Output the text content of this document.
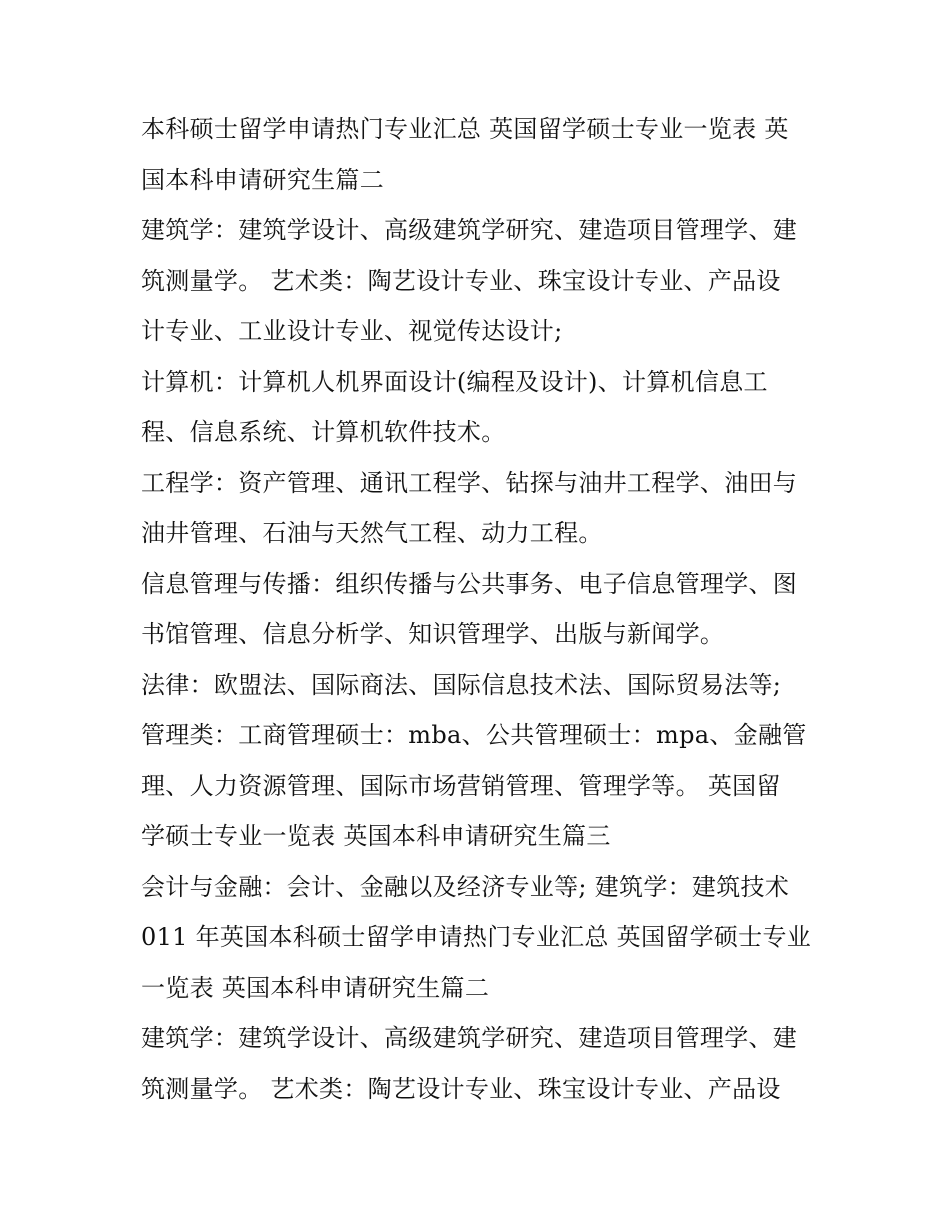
本科硕士留学申请热门专业汇总 英国留学硕士专业一览表 英
国本科申请研究生篇二
建筑学：建筑学设计、高级建筑学研究、建造项目管理学、建
筑测量学。 艺术类：陶艺设计专业、珠宝设计专业、产品设
计专业、工业设计专业、视觉传达设计;
计算机：计算机人机界面设计(编程及设计)、计算机信息工
程、信息系统、计算机软件技术。
工程学：资产管理、通讯工程学、钻探与油井工程学、油田与
油井管理、石油与天然气工程、动力工程。
信息管理与传播：组织传播与公共事务、电子信息管理学、图
书馆管理、信息分析学、知识管理学、出版与新闻学。
法律：欧盟法、国际商法、国际信息技术法、国际贸易法等;
管理类：工商管理硕士：mba、公共管理硕士：mpa、金融管
理、人力资源管理、国际市场营销管理、管理学等。 英国留
学硕士专业一览表 英国本科申请研究生篇三
会计与金融：会计、金融以及经济专业等; 建筑学：建筑技术
011 年英国本科硕士留学申请热门专业汇总 英国留学硕士专业
一览表 英国本科申请研究生篇二
建筑学：建筑学设计、高级建筑学研究、建造项目管理学、建
筑测量学。 艺术类：陶艺设计专业、珠宝设计专业、产品设
